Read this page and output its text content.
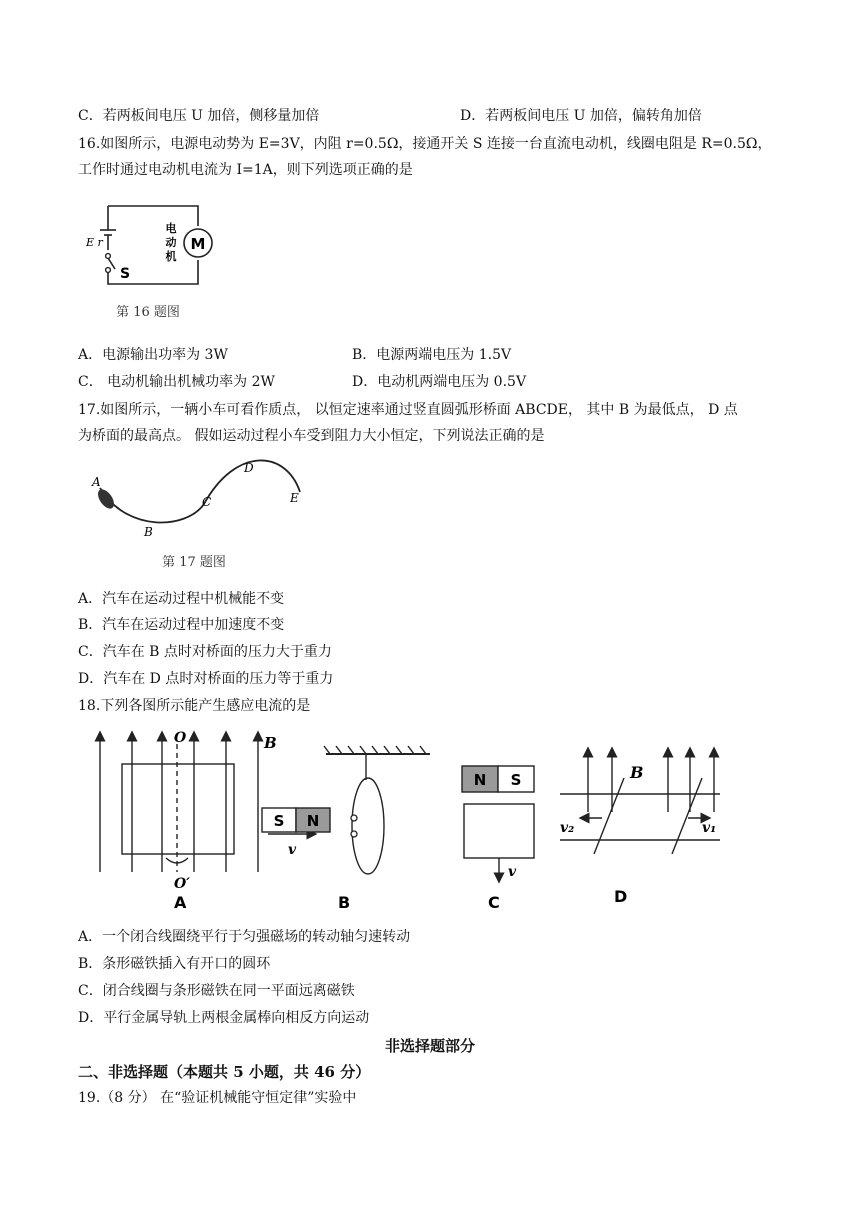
C．若两板间电压 U 加倍，侧移量加倍	D．若两板间电压 U 加倍，偏转角加倍
16.如图所示，电源电动势为 E=3V，内阻 r=0.5Ω，接通开关 S 连接一台直流电动机，线圈电阻是 R=0.5Ω，
工作时通过电动机电流为 I=1A，则下列选项正确的是
M
电
动
机
E r
S
第 16 题图
A．电源输出功率为 3W	B．电源两端电压为 1.5V
C． 电动机输出机械功率为 2W	D．电动机两端电压为 0.5V
17.如图所示，一辆小车可看作质点， 以恒定速率通过竖直圆弧形桥面 ABCDE， 其中 B 为最低点， D 点
为桥面的最高点。 假如运动过程小车受到阻力大小恒定，下列说法正确的是
A
B
C
D
E
第 17 题图
A．汽车在运动过程中机械能不变
B．汽车在运动过程中加速度不变
C．汽车在 B 点时对桥面的压力大于重力
D．汽车在 D 点时对桥面的压力等于重力
18.下列各图所示能产生感应电流的是
O
O′
B
A
S N
v
B
N S
v
C
B
v₂	v₁
D
A．一个闭合线圈绕平行于匀强磁场的转动轴匀速转动
B．条形磁铁插入有开口的圆环
C．闭合线圈与条形磁铁在同一平面远离磁铁
D．平行金属导轨上两根金属棒向相反方向运动
非选择题部分
二、非选择题（本题共 5 小题，共 46 分）
19.（8 分） 在“验证机械能守恒定律”实验中
